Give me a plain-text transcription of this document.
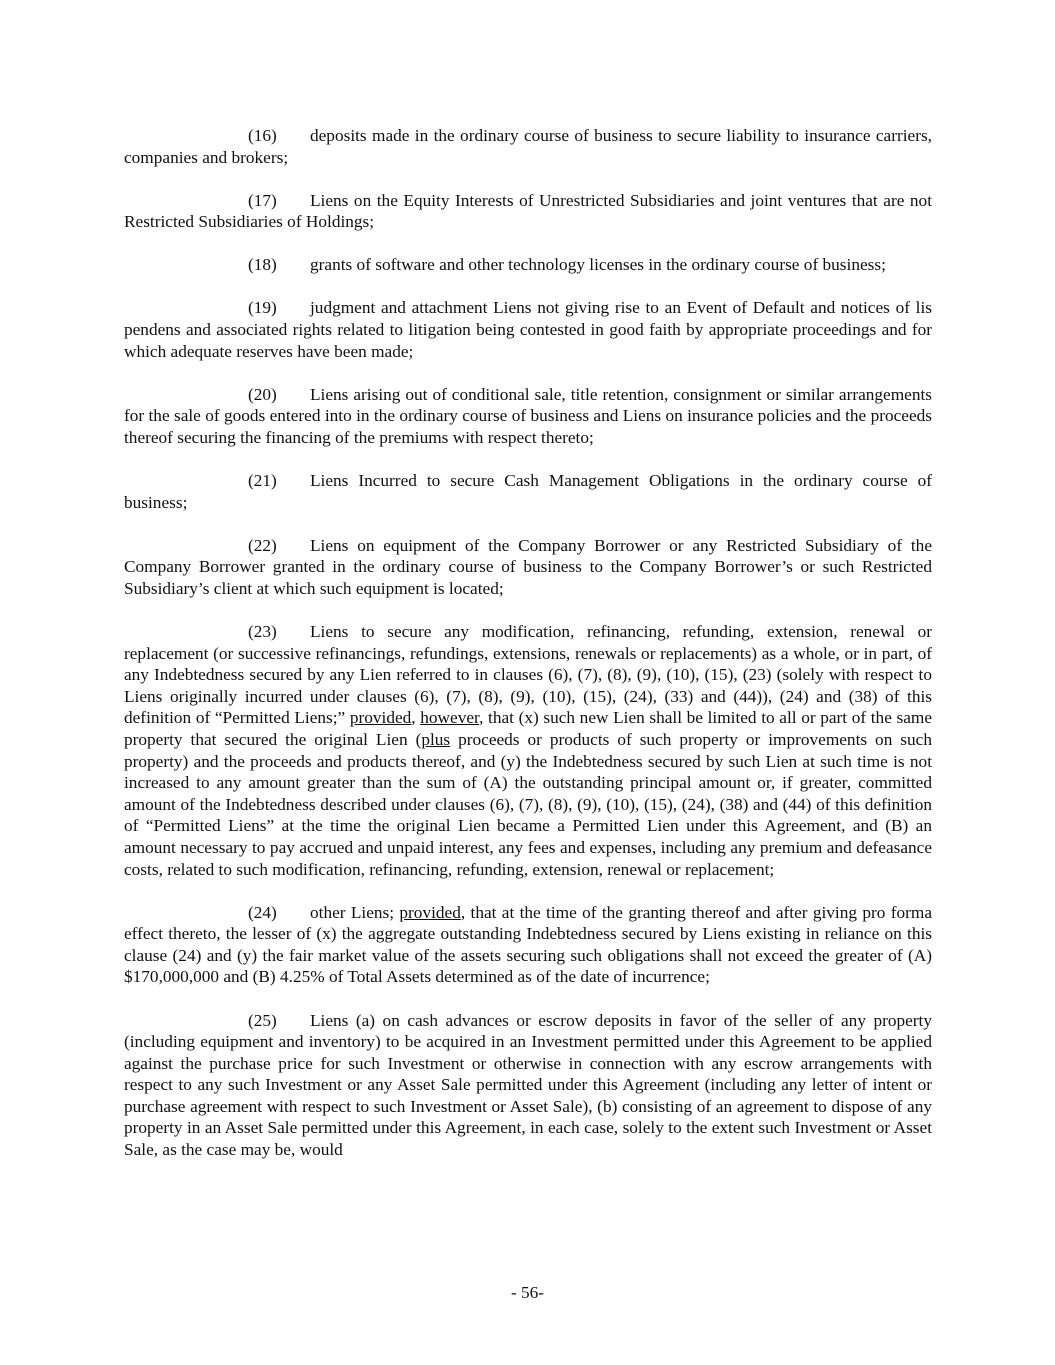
(16) deposits made in the ordinary course of business to secure liability to insurance carriers, companies and brokers;

(17) Liens on the Equity Interests of Unrestricted Subsidiaries and joint ventures that are not Restricted Subsidiaries of Holdings;

(18) grants of software and other technology licenses in the ordinary course of business;

(19) judgment and attachment Liens not giving rise to an Event of Default and notices of lis pendens and associated rights related to litigation being contested in good faith by appropriate proceedings and for which adequate reserves have been made;

(20) Liens arising out of conditional sale, title retention, consignment or similar arrangements for the sale of goods entered into in the ordinary course of business and Liens on insurance policies and the proceeds thereof securing the financing of the premiums with respect thereto;

(21) Liens Incurred to secure Cash Management Obligations in the ordinary course of business;

(22) Liens on equipment of the Company Borrower or any Restricted Subsidiary of the Company Borrower granted in the ordinary course of business to the Company Borrower’s or such Restricted Subsidiary’s client at which such equipment is located;

(23) Liens to secure any modification, refinancing, refunding, extension, renewal or replacement (or successive refinancings, refundings, extensions, renewals or replacements) as a whole, or in part, of any Indebtedness secured by any Lien referred to in clauses (6), (7), (8), (9), (10), (15), (23) (solely with respect to Liens originally incurred under clauses (6), (7), (8), (9), (10), (15), (24), (33) and (44)), (24) and (38) of this definition of “Permitted Liens;” provided, however, that (x) such new Lien shall be limited to all or part of the same property that secured the original Lien (plus proceeds or products of such property or improvements on such property) and the proceeds and products thereof, and (y) the Indebtedness secured by such Lien at such time is not increased to any amount greater than the sum of (A) the outstanding principal amount or, if greater, committed amount of the Indebtedness described under clauses (6), (7), (8), (9), (10), (15), (24), (38) and (44) of this definition of “Permitted Liens” at the time the original Lien became a Permitted Lien under this Agreement, and (B) an amount necessary to pay accrued and unpaid interest, any fees and expenses, including any premium and defeasance costs, related to such modification, refinancing, refunding, extension, renewal or replacement;

(24) other Liens; provided, that at the time of the granting thereof and after giving pro forma effect thereto, the lesser of (x) the aggregate outstanding Indebtedness secured by Liens existing in reliance on this clause (24) and (y) the fair market value of the assets securing such obligations shall not exceed the greater of (A) $170,000,000 and (B) 4.25% of Total Assets determined as of the date of incurrence;

(25) Liens (a) on cash advances or escrow deposits in favor of the seller of any property (including equipment and inventory) to be acquired in an Investment permitted under this Agreement to be applied against the purchase price for such Investment or otherwise in connection with any escrow arrangements with respect to any such Investment or any Asset Sale permitted under this Agreement (including any letter of intent or purchase agreement with respect to such Investment or Asset Sale), (b) consisting of an agreement to dispose of any property in an Asset Sale permitted under this Agreement, in each case, solely to the extent such Investment or Asset Sale, as the case may be, would

- 56-
